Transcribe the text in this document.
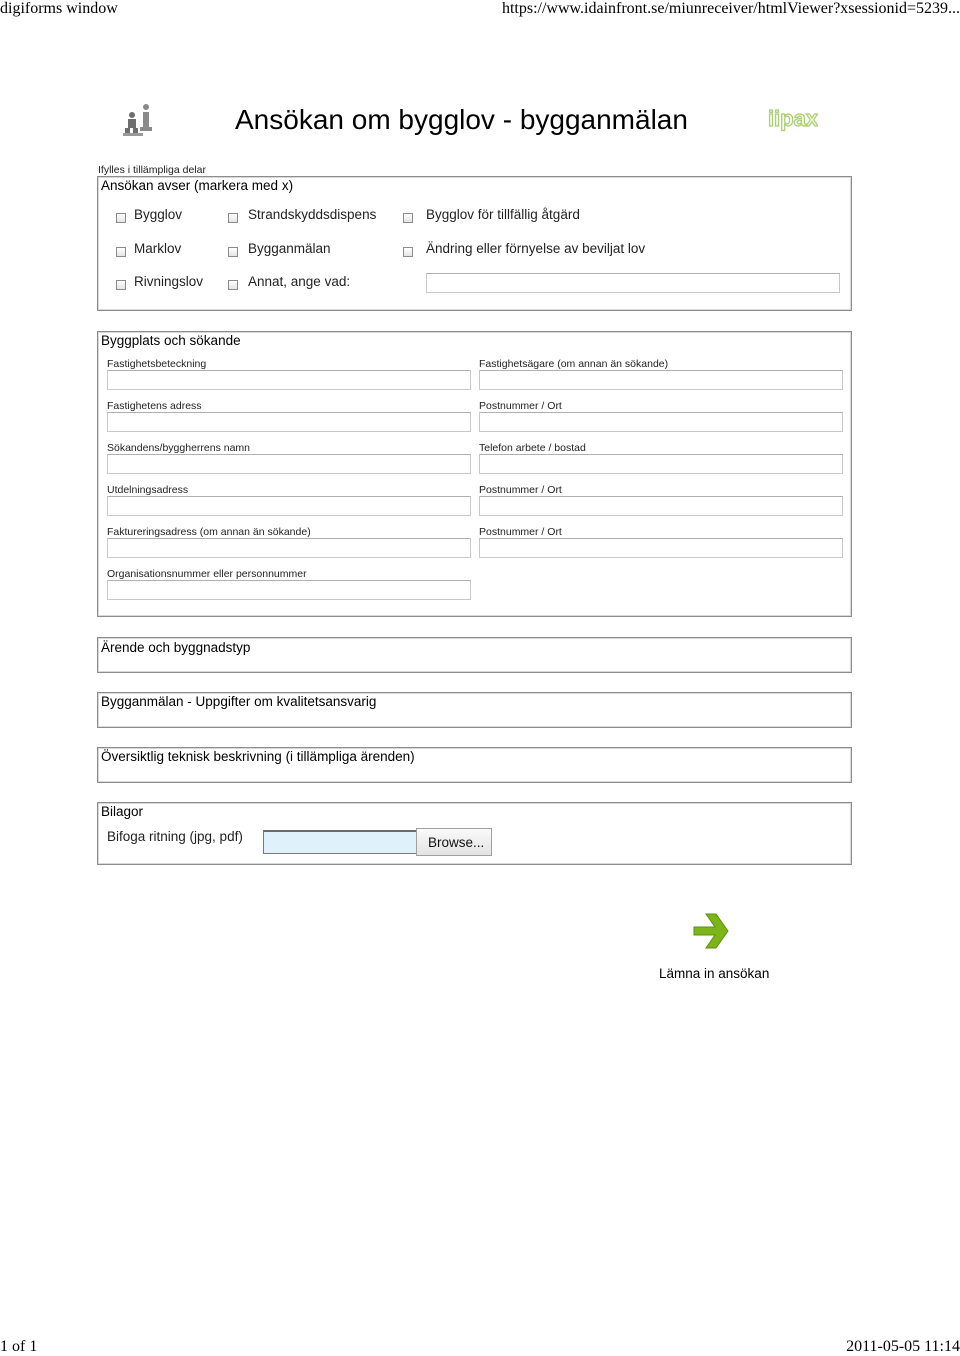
digiforms window	https://www.idainfront.se/miunreceiver/htmlViewer?xsessionid=5239...
iipax
Ansökan om bygglov - bygganmälan
Ifylles i tillämpliga delar
Ansökan avser (markera med x)
Bygglov	Strandskyddsdispens	Bygglov för tillfällig åtgärd
Marklov	Bygganmälan	Ändring eller förnyelse av beviljat lov
Rivningslov	Annat, ange vad:
Byggplats och sökande
Fastighetsbeteckning	Fastighetsägare (om annan än sökande)
Fastighetens adress	Postnummer / Ort
Sökandens/byggherrens namn	Telefon arbete / bostad
Utdelningsadress	Postnummer / Ort
Faktureringsadress (om annan än sökande)	Postnummer / Ort
Organisationsnummer eller personnummer
Ärende och byggnadstyp
Bygganmälan - Uppgifter om kvalitetsansvarig
Översiktlig teknisk beskrivning (i tillämpliga ärenden)
Bilagor
Bifoga ritning (jpg, pdf)	Browse...
Lämna in ansökan
1 of 1	2011-05-05 11:14
